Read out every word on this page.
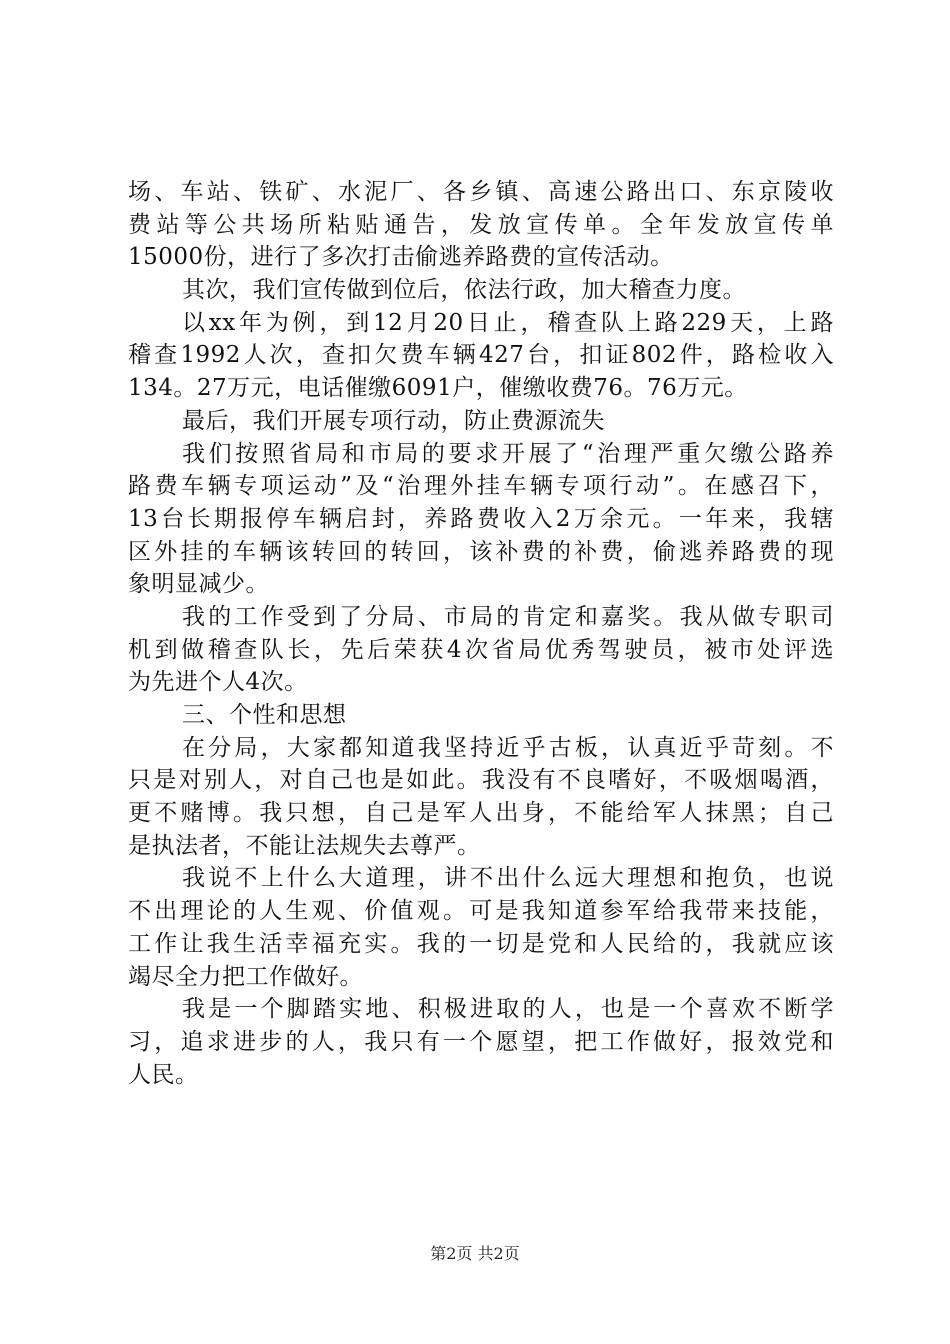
场、车站、铁矿、水泥厂、各乡镇、高速公路出口、东京陵收
费站等公共场所粘贴通告，发放宣传单。全年发放宣传单
15000份，进行了多次打击偷逃养路费的宣传活动。
其次，我们宣传做到位后，依法行政，加大稽查力度。
以xx年为例，到12月20日止，稽查队上路229天，上路
稽查1992人次，查扣欠费车辆427台，扣证802件，路检收入
134。27万元，电话催缴6091户，催缴收费76。76万元。
最后，我们开展专项行动，防止费源流失
我们按照省局和市局的要求开展了“治理严重欠缴公路养
路费车辆专项运动”及“治理外挂车辆专项行动”。在感召下，
13台长期报停车辆启封，养路费收入2万余元。一年来，我辖
区外挂的车辆该转回的转回，该补费的补费，偷逃养路费的现
象明显减少。
我的工作受到了分局、市局的肯定和嘉奖。我从做专职司
机到做稽查队长，先后荣获4次省局优秀驾驶员，被市处评选
为先进个人4次。
三、个性和思想
在分局，大家都知道我坚持近乎古板，认真近乎苛刻。不
只是对别人，对自己也是如此。我没有不良嗜好，不吸烟喝酒，
更不赌博。我只想，自己是军人出身，不能给军人抹黑；自己
是执法者，不能让法规失去尊严。
我说不上什么大道理，讲不出什么远大理想和抱负，也说
不出理论的人生观、价值观。可是我知道参军给我带来技能，
工作让我生活幸福充实。我的一切是党和人民给的，我就应该
竭尽全力把工作做好。
我是一个脚踏实地、积极进取的人，也是一个喜欢不断学
习，追求进步的人，我只有一个愿望，把工作做好，报效党和
人民。
第2页 共2页
